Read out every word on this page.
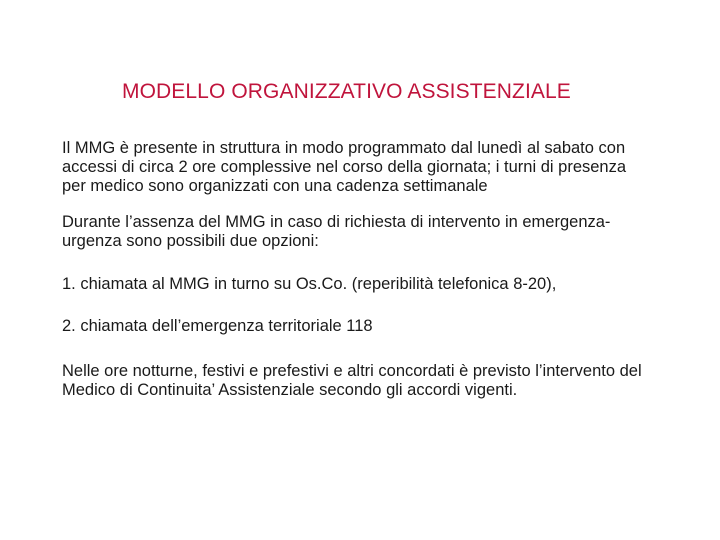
MODELLO ORGANIZZATIVO ASSISTENZIALE

Il MMG è presente in struttura in modo programmato dal lunedì al sabato con accessi di circa 2 ore complessive nel corso della giornata; i turni di presenza per medico sono organizzati con una cadenza settimanale

Durante l’assenza del MMG in caso di richiesta di intervento in emergenza-urgenza sono possibili due opzioni:

1. chiamata al MMG in turno su Os.Co. (reperibilità telefonica 8-20),

2. chiamata dell’emergenza territoriale 118

Nelle ore notturne, festivi e prefestivi e altri concordati è previsto l’intervento del Medico di Continuita’ Assistenziale secondo gli accordi vigenti.
